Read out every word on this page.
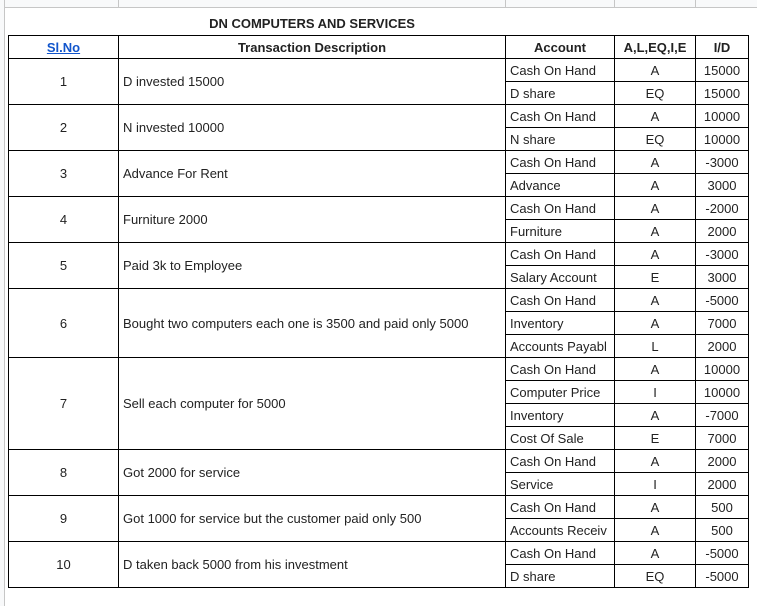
DN COMPUTERS AND SERVICES
Sl.No	Transaction Description	Account	A,L,EQ,I,E	I/D
1	D invested 15000	Cash On Hand	A	15000
		D share	EQ	15000
2	N invested 10000	Cash On Hand	A	10000
		N share	EQ	10000
3	Advance For Rent	Cash On Hand	A	-3000
		Advance	A	3000
4	Furniture 2000	Cash On Hand	A	-2000
		Furniture	A	2000
5	Paid 3k to Employee	Cash On Hand	A	-3000
		Salary Account	E	3000
6	Bought two computers each one is 3500 and paid only 5000	Cash On Hand	A	-5000
		Inventory	A	7000
		Accounts Payabl	L	2000
7	Sell each computer for 5000	Cash On Hand	A	10000
		Computer Price	I	10000
		Inventory	A	-7000
		Cost Of Sale	E	7000
8	Got 2000 for service	Cash On Hand	A	2000
		Service	I	2000
9	Got 1000 for service but the customer paid only 500	Cash On Hand	A	500
		Accounts Receiv	A	500
10	D taken back 5000 from his investment	Cash On Hand	A	-5000
		D share	EQ	-5000
